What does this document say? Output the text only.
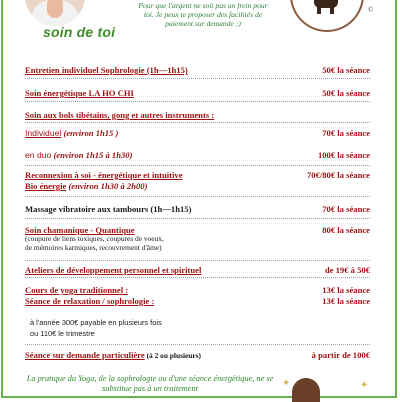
soin de toi
Pour que l'argent ne soit pas un frein pour toi. Je peux te proposer des facilités de paiement sur demande ;)
©
Entretien individuel Sophrologie (1h—1h15)	50€ la séance
Soin énergétique LA HO CHI	50€ la séance
Soin aux bols tibétains, gong et autres instruments :
Individuel (environ 1h15 )	70€ la séance
en duo (environ 1h15 à 1h30)	100€ la séance
Reconnexion à soi - énergétique et intuitive	70€/80€ la séance
Bio énergie (environ 1h30 à 2h00)
Massage vibratoire aux tambours (1h—1h15)	70€ la séance
Soin chamanique - Quantique	80€ la séance
(coupure de liens toxiques, coupures de voeux,
de mémoires karmiques, recouvrement d'âme)
Ateliers de développement personnel et spirituel	de 19€ à 50€
Cours de yoga traditionnel :	13€ la séance
Séance de relaxation / sophrologie :	13€ la séance
à l'année 300€ payable en plusieurs fois
ou 110€ le trimestre
Séance sur demande particulière (à 2 ou plusieurs)	à partir de 100€
La pratique du Yoga, de la sophrologie ou d'une séance énergétique, ne se substitue pas à un traitement	✦	✦
